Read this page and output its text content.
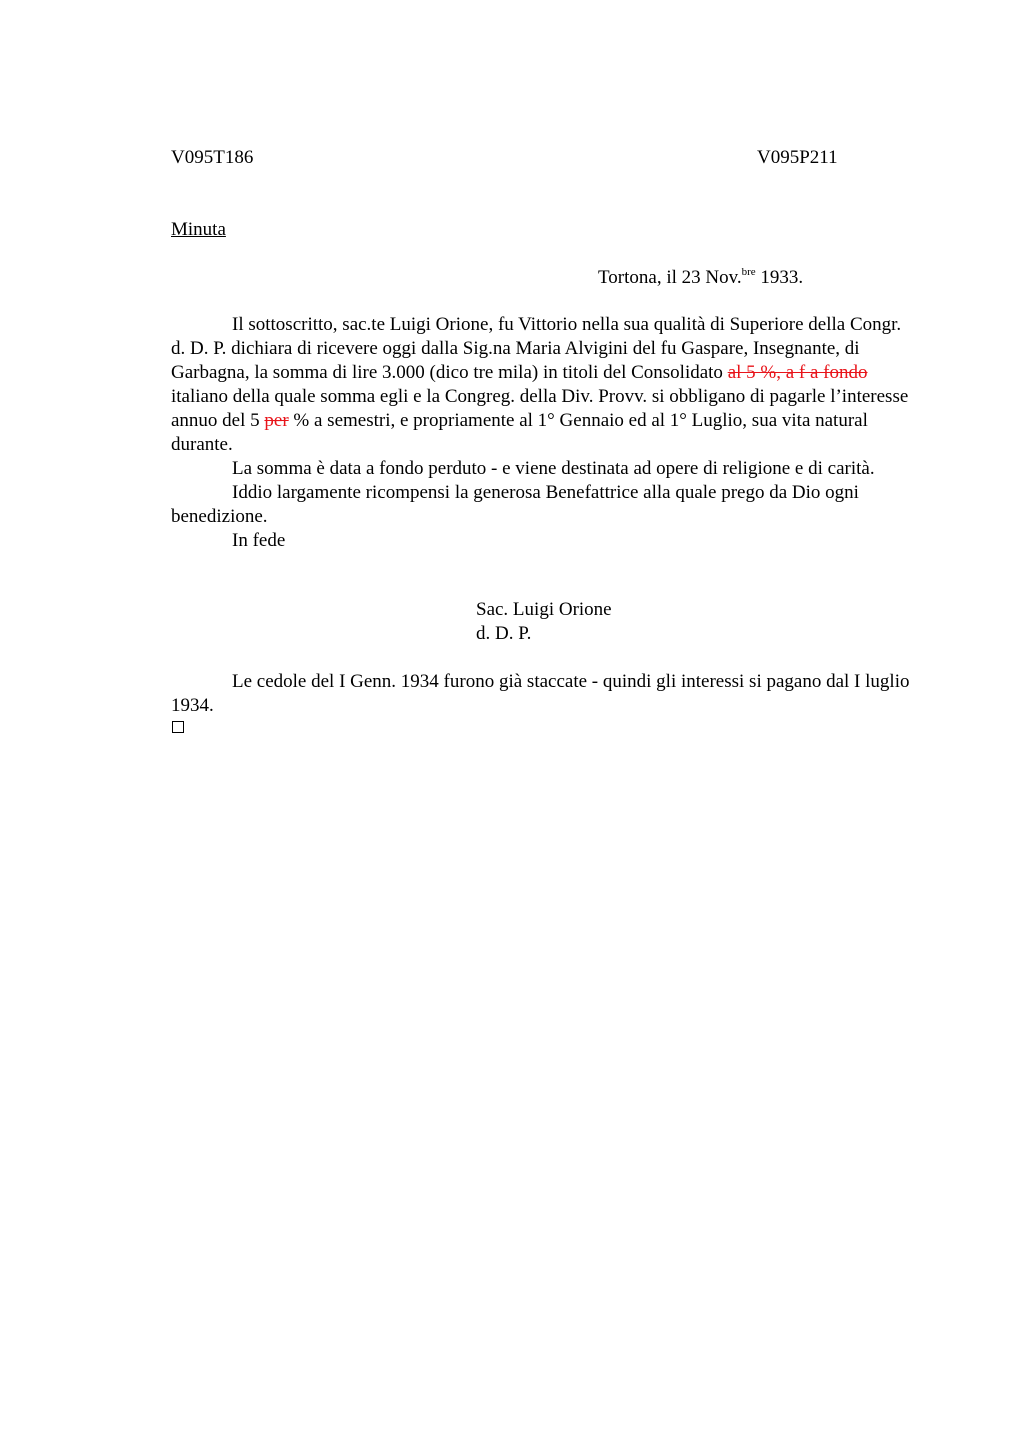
V095T186	V095P211
Minuta
Tortona, il 23 Nov.$^{bre}$ 1933.

Il sottoscritto, sac.te Luigi Orione, fu Vittorio nella sua qualità di Superiore della Congr. d. D. P. dichiara di ricevere oggi dalla Sig.na Maria Alvigini del fu Gaspare, Insegnante, di Garbagna, la somma di lire 3.000 (dico tre mila) in titoli del Consolidato al 5 %, a f a fondo italiano della quale somma egli e la Congreg. della Div. Provv. si obbligano di pagarle l’interesse annuo del 5 per % a semestri, e propriamente al 1° Gennaio ed al 1° Luglio, sua vita natural durante.

La somma è data a fondo perduto - e viene destinata ad opere di religione e di carità.

Iddio largamente ricompensi la generosa Benefattrice alla quale prego da Dio ogni benedizione.

In fede

Sac. Luigi Orione
d. D. P.

Le cedole del I Genn. 1934 furono già staccate - quindi gli interessi si pagano dal I luglio 1934.
